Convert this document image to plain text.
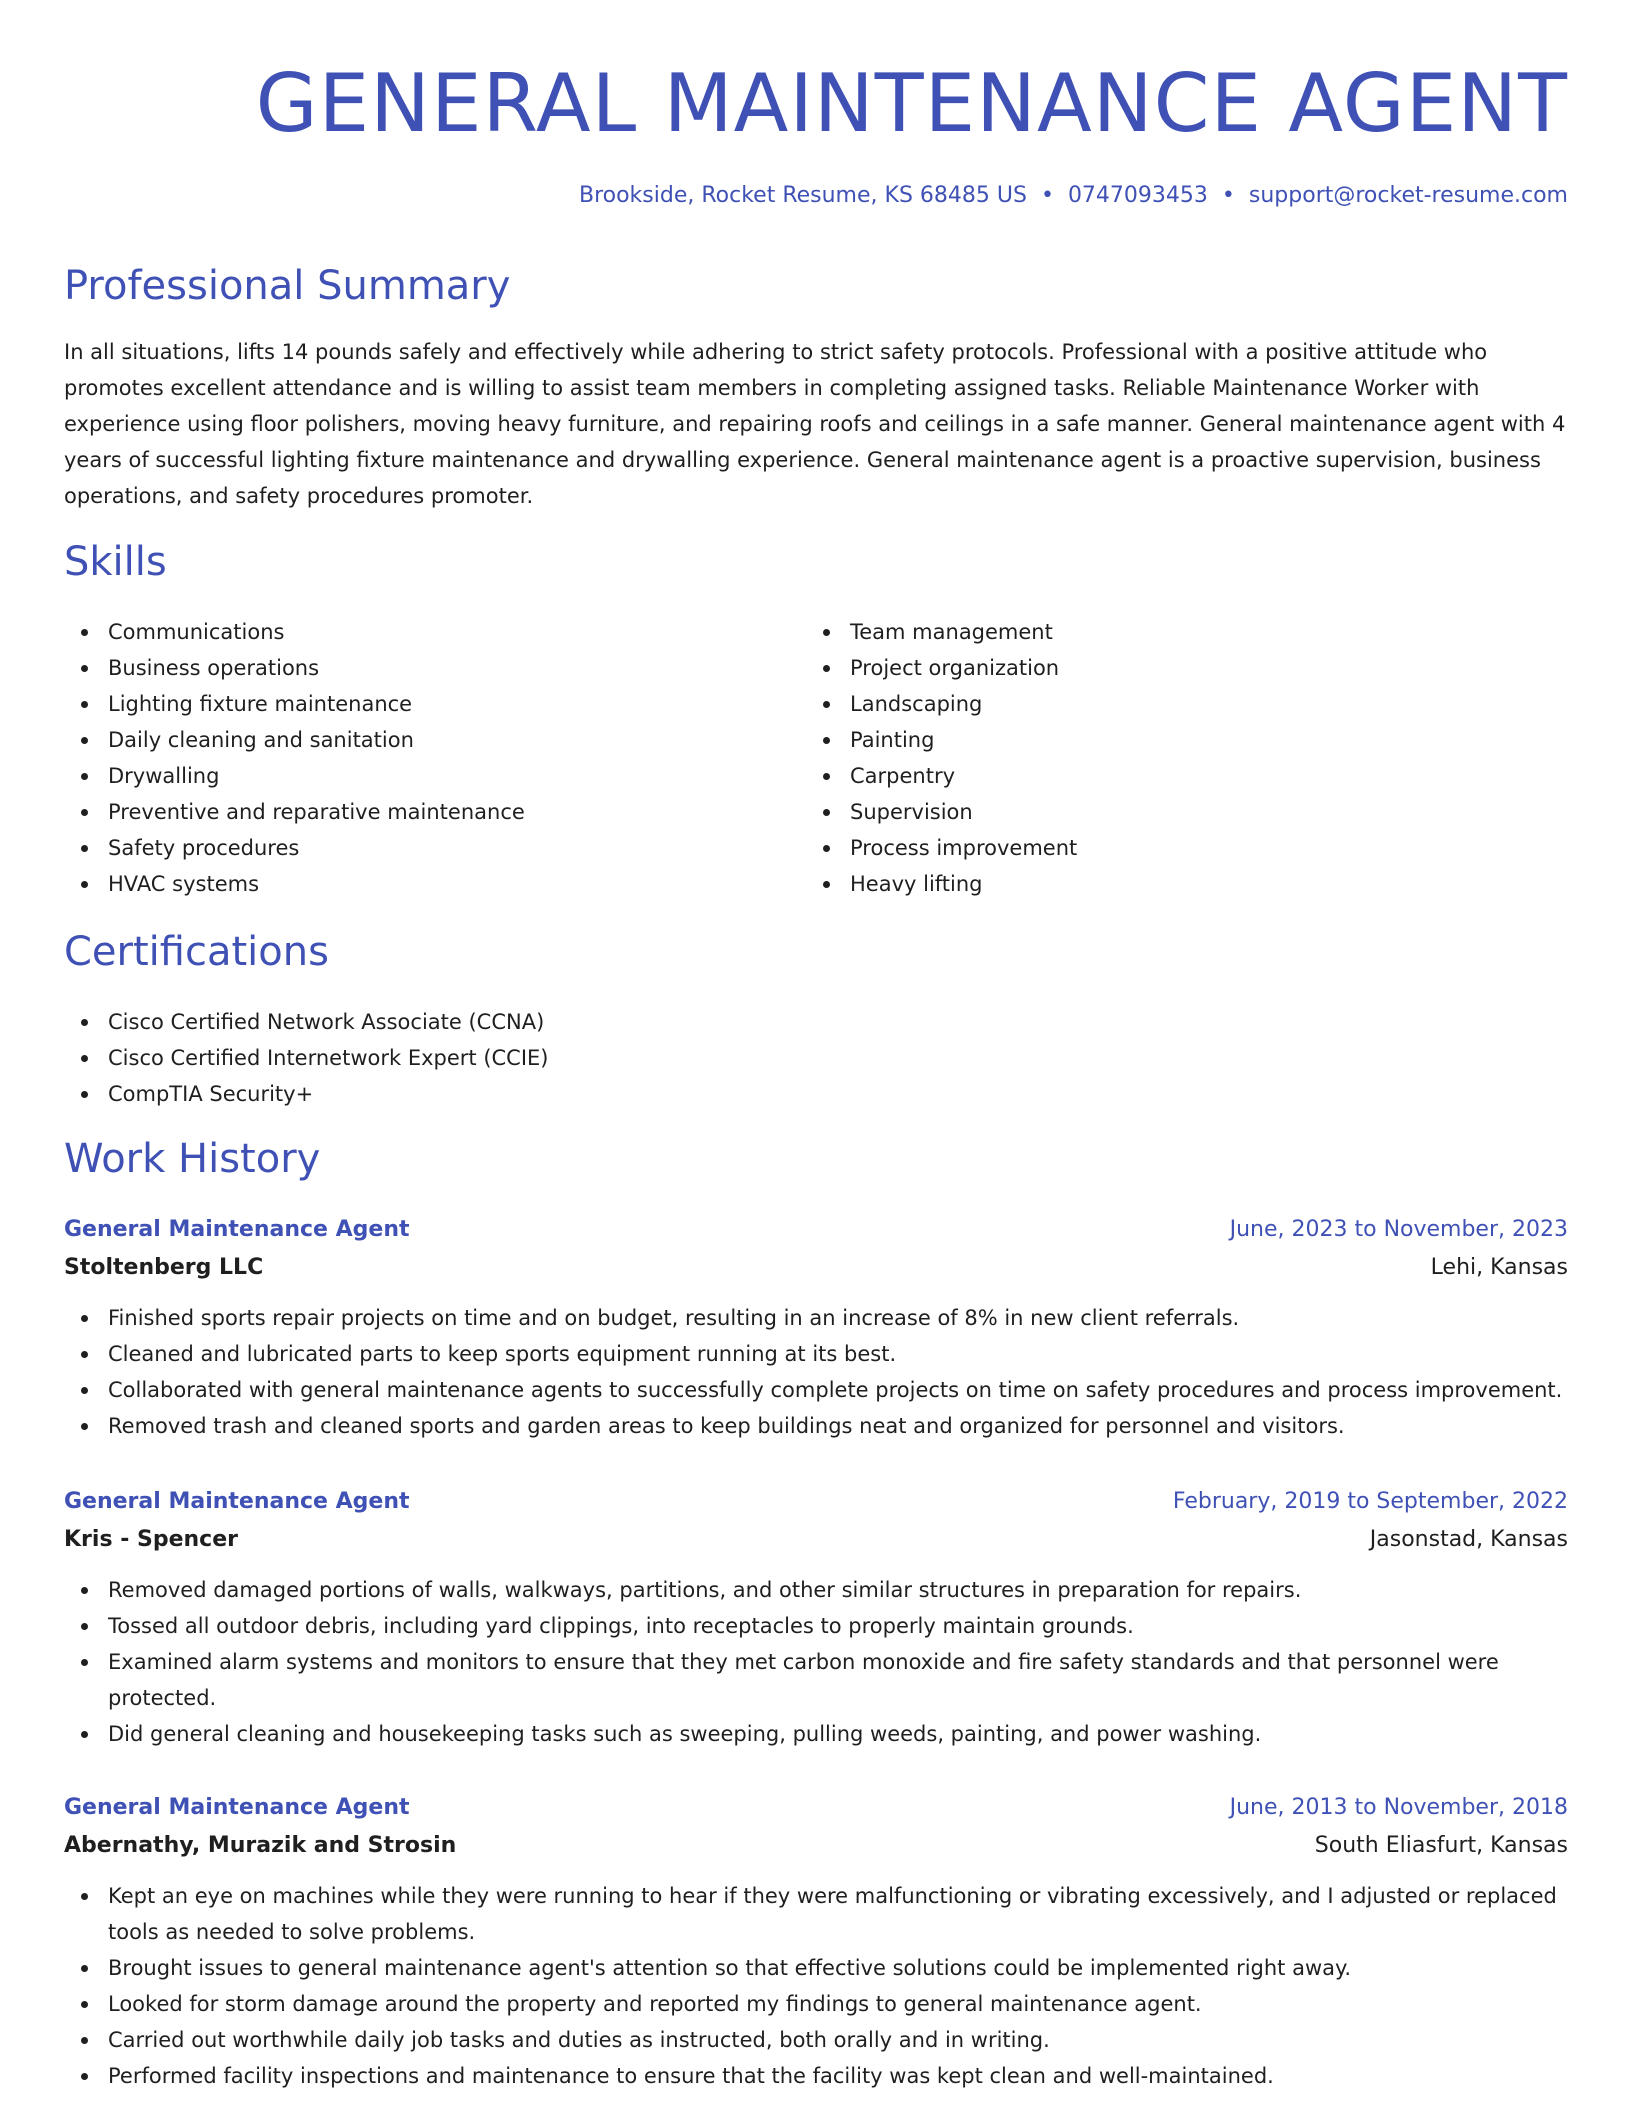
GENERAL MAINTENANCE AGENT
Brookside, Rocket Resume, KS 68485 US • 0747093453 • support@rocket-resume.com
Professional Summary

In all situations, lifts 14 pounds safely and effectively while adhering to strict safety protocols. Professional with a positive attitude who promotes excellent attendance and is willing to assist team members in completing assigned tasks. Reliable Maintenance Worker with experience using floor polishers, moving heavy furniture, and repairing roofs and ceilings in a safe manner. General maintenance agent with 4 years of successful lighting fixture maintenance and drywalling experience. General maintenance agent is a proactive supervision, business operations, and safety procedures promoter.

Skills
Communications
Business operations
Lighting fixture maintenance
Daily cleaning and sanitation
Drywalling
Preventive and reparative maintenance
Safety procedures
HVAC systems
Team management
Project organization
Landscaping
Painting
Carpentry
Supervision
Process improvement
Heavy lifting
Certifications
Cisco Certified Network Associate (CCNA)
Cisco Certified Internetwork Expert (CCIE)
CompTIA Security+
Work History
General Maintenance Agent	June, 2023 to November, 2023
Stoltenberg LLC	Lehi, Kansas
Finished sports repair projects on time and on budget, resulting in an increase of 8% in new client referrals.
Cleaned and lubricated parts to keep sports equipment running at its best.
Collaborated with general maintenance agents to successfully complete projects on time on safety procedures and process improvement.
Removed trash and cleaned sports and garden areas to keep buildings neat and organized for personnel and visitors.
General Maintenance Agent	February, 2019 to September, 2022
Kris - Spencer	Jasonstad, Kansas
Removed damaged portions of walls, walkways, partitions, and other similar structures in preparation for repairs.
Tossed all outdoor debris, including yard clippings, into receptacles to properly maintain grounds.
Examined alarm systems and monitors to ensure that they met carbon monoxide and fire safety standards and that personnel were protected.
Did general cleaning and housekeeping tasks such as sweeping, pulling weeds, painting, and power washing.
General Maintenance Agent	June, 2013 to November, 2018
Abernathy, Murazik and Strosin	South Eliasfurt, Kansas
Kept an eye on machines while they were running to hear if they were malfunctioning or vibrating excessively, and I adjusted or replaced tools as needed to solve problems.
Brought issues to general maintenance agent's attention so that effective solutions could be implemented right away.
Looked for storm damage around the property and reported my findings to general maintenance agent.
Carried out worthwhile daily job tasks and duties as instructed, both orally and in writing.
Performed facility inspections and maintenance to ensure that the facility was kept clean and well-maintained.
